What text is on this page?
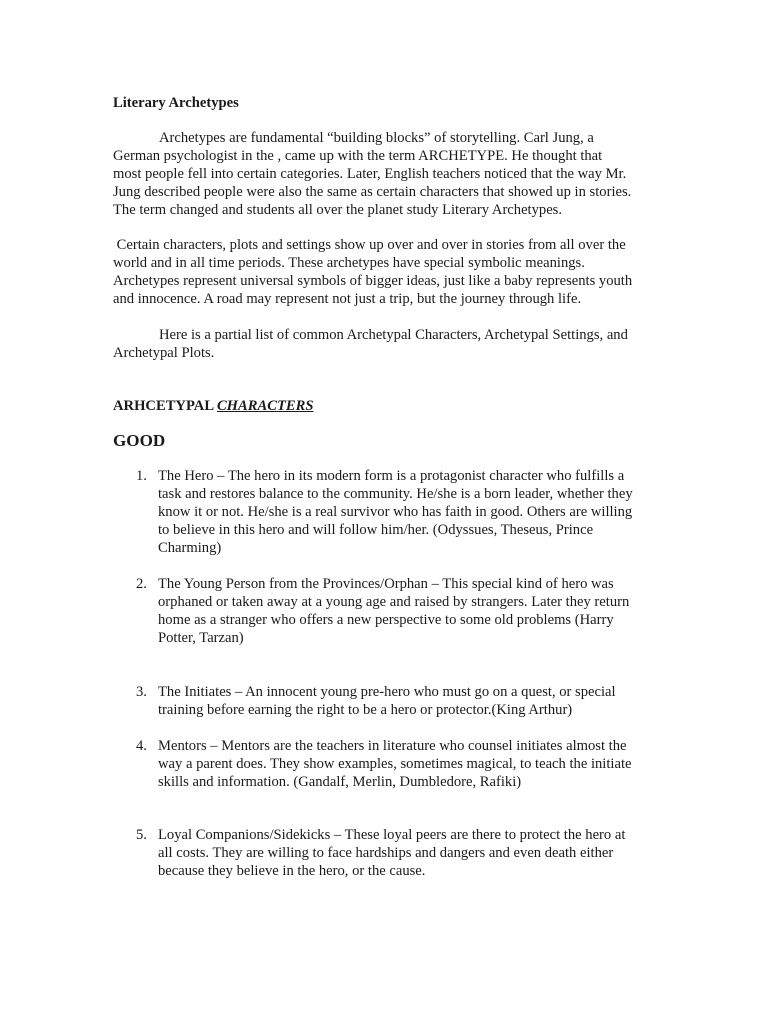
Literary Archetypes

Archetypes are fundamental “building blocks” of storytelling. Carl Jung, a
German psychologist in the , came up with the term ARCHETYPE. He thought that
most people fell into certain categories. Later, English teachers noticed that the way Mr.
Jung described people were also the same as certain characters that showed up in stories.
The term changed and students all over the planet study Literary Archetypes.

Certain characters, plots and settings show up over and over in stories from all over the
world and in all time periods. These archetypes have special symbolic meanings.
Archetypes represent universal symbols of bigger ideas, just like a baby represents youth
and innocence. A road may represent not just a trip, but the journey through life.

Here is a partial list of common Archetypal Characters, Archetypal Settings, and
Archetypal Plots.

ARHCETYPAL CHARACTERS
GOOD
1. The Hero – The hero in its modern form is a protagonist character who fulfills a
task and restores balance to the community. He/she is a born leader, whether they
know it or not. He/she is a real survivor who has faith in good. Others are willing
to believe in this hero and will follow him/her. (Odyssues, Theseus, Prince
Charming)
2. The Young Person from the Provinces/Orphan – This special kind of hero was
orphaned or taken away at a young age and raised by strangers. Later they return
home as a stranger who offers a new perspective to some old problems (Harry
Potter, Tarzan)
3. The Initiates – An innocent young pre-hero who must go on a quest, or special
training before earning the right to be a hero or protector.(King Arthur)
4. Mentors – Mentors are the teachers in literature who counsel initiates almost the
way a parent does. They show examples, sometimes magical, to teach the initiate
skills and information. (Gandalf, Merlin, Dumbledore, Rafiki)
5. Loyal Companions/Sidekicks – These loyal peers are there to protect the hero at
all costs. They are willing to face hardships and dangers and even death either
because they believe in the hero, or the cause.
